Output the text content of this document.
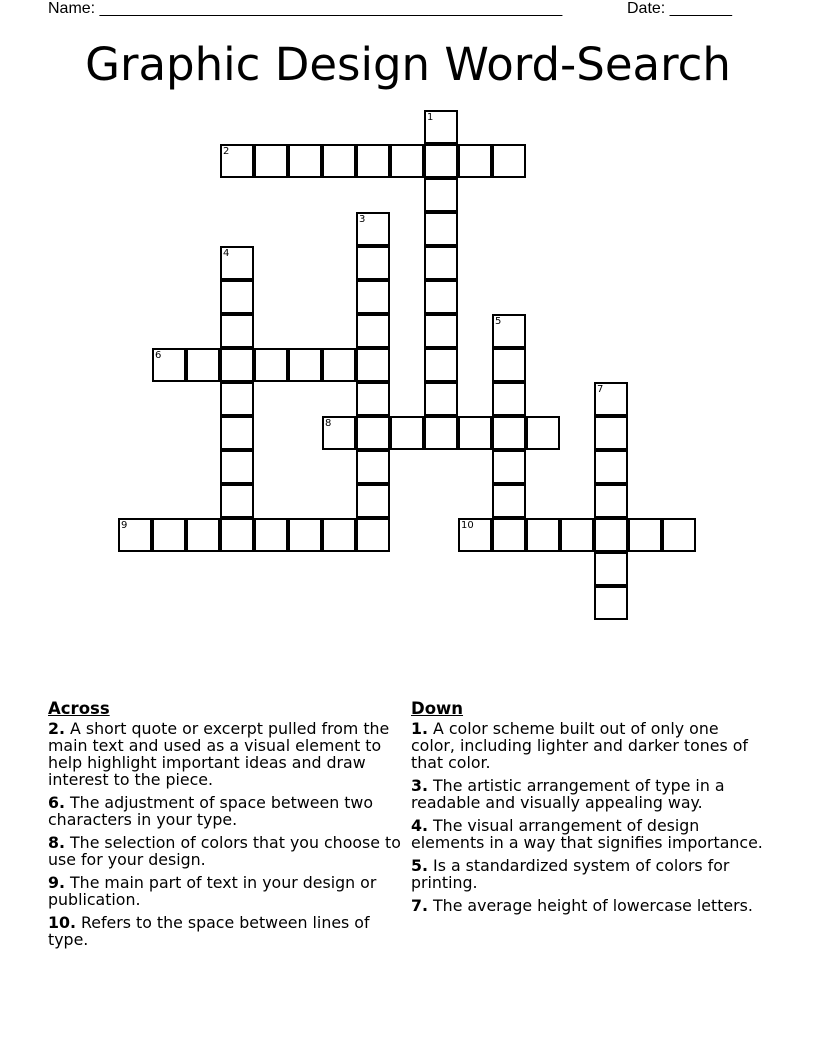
Name: ____________________________________________________	Date: _______
Graphic Design Word-Search
1
2
3
4
5
6
7
8
9	10
Across
2. A short quote or excerpt pulled from the main text and used as a visual element to help highlight important ideas and draw interest to the piece.
6. The adjustment of space between two characters in your type.
8. The selection of colors that you choose to use for your design.
9. The main part of text in your design or publication.
10. Refers to the space between lines of type.
Down
1. A color scheme built out of only one color, including lighter and darker tones of that color.
3. The artistic arrangement of type in a readable and visually appealing way.
4. The visual arrangement of design elements in a way that signifies importance.
5. Is a standardized system of colors for printing.
7. The average height of lowercase letters.
